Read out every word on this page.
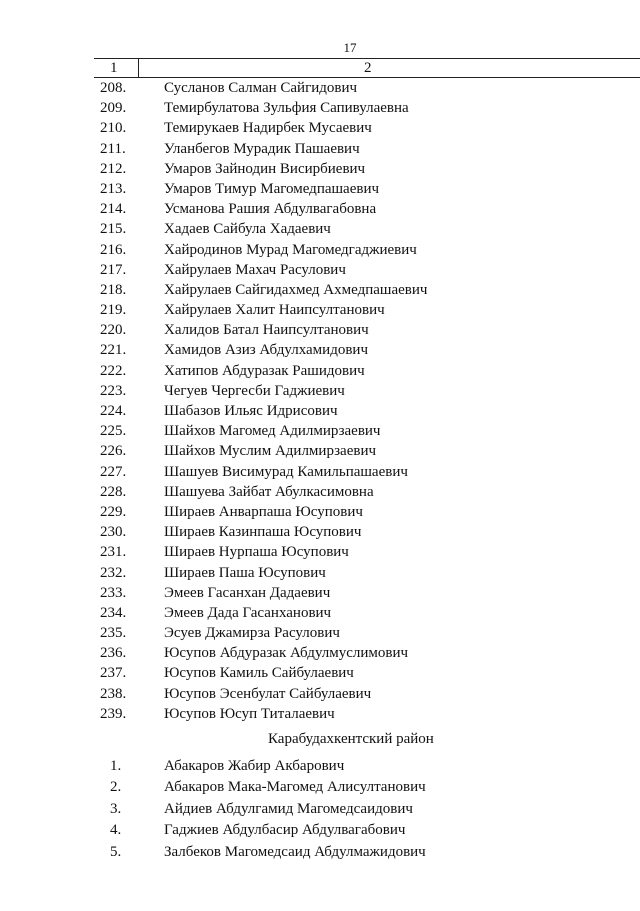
17
1	2
208.	Сусланов Салман Сайгидович
209.	Темирбулатова Зульфия Сапивулаевна
210.	Темирукаев Надирбек Мусаевич
211.	Уланбегов Мурадик Пашаевич
212.	Умаров Зайнодин Висирбиевич
213.	Умаров Тимур Магомедпашаевич
214.	Усманова Рашия Абдулвагабовна
215.	Хадаев Сайбула Хадаевич
216.	Хайродинов Мурад Магомедгаджиевич
217.	Хайрулаев Махач Расулович
218.	Хайрулаев Сайгидахмед Ахмедпашаевич
219.	Хайрулаев Халит Наипсултанович
220.	Халидов Батал Наипсултанович
221.	Хамидов Азиз Абдулхамидович
222.	Хатипов Абдуразак Рашидович
223.	Чегуев Чергесби Гаджиевич
224.	Шабазов Ильяс Идрисович
225.	Шайхов Магомед Адилмирзаевич
226.	Шайхов Муслим Адилмирзаевич
227.	Шашуев Висимурад Камильпашаевич
228.	Шашуева Зайбат Абулкасимовна
229.	Шираев Анварпаша Юсупович
230.	Шираев Казинпаша Юсупович
231.	Шираев Нурпаша Юсупович
232.	Шираев Паша Юсупович
233.	Эмеев Гасанхан Дадаевич
234.	Эмеев Дада Гасанханович
235.	Эсуев Джамирза Расулович
236.	Юсупов Абдуразак Абдулмуслимович
237.	Юсупов Камиль Сайбулаевич
238.	Юсупов Эсенбулат Сайбулаевич
239.	Юсупов Юсуп Титалаевич
Карабудахкентский район
1.	Абакаров Жабир Акбарович
2.	Абакаров Мака-Магомед Алисултанович
3.	Айдиев Абдулгамид Магомедсаидович
4.	Гаджиев Абдулбасир Абдулвагабович
5.	Залбеков Магомедсаид Абдулмажидович
